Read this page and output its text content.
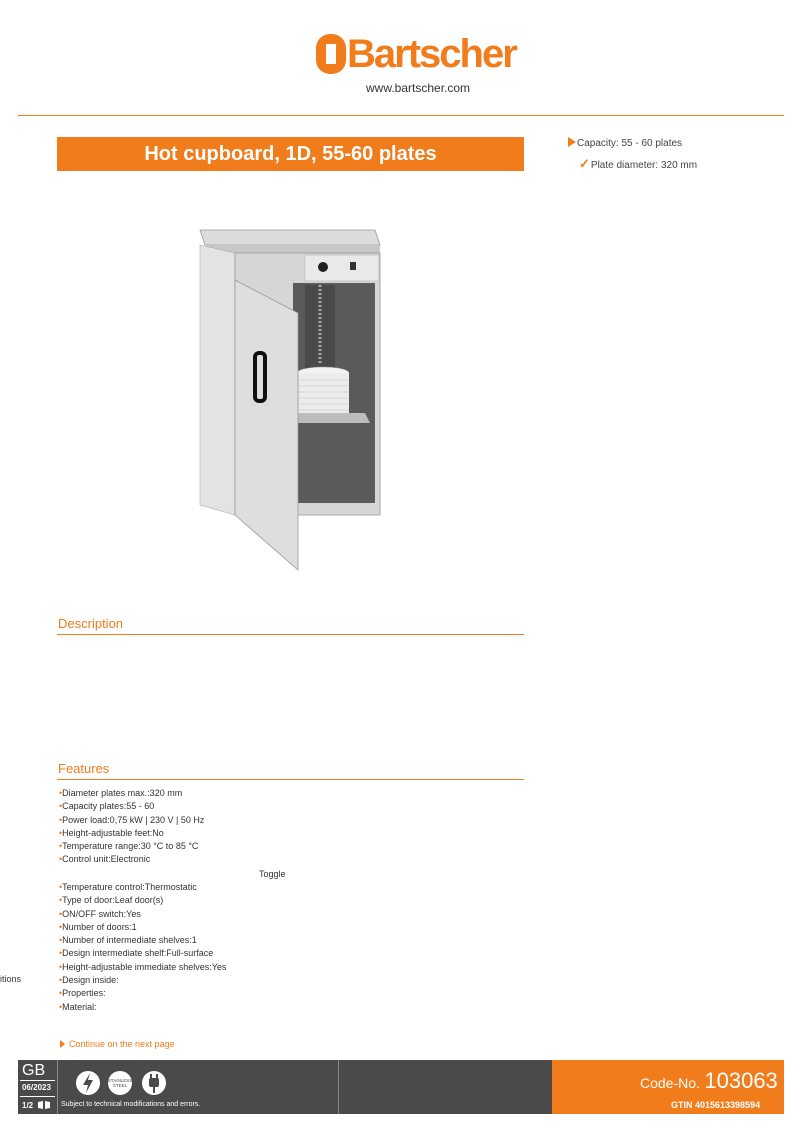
Bartscher
www.bartscher.com
Hot cupboard, 1D, 55-60 plates	Capacity: 55 - 60 plates
✓Plate diameter: 320 mm
Description
Features
•Diameter plates max.:320 mm
•Capacity plates:55 - 60
•Power load:0,75 kW | 230 V | 50 Hz
•Height-adjustable feet:No
•Temperature range:30 °C to 85 °C
•Control unit:Electronic
Toggle
•Temperature control:Thermostatic
•Type of door:Leaf door(s)
•ON/OFF switch:Yes
•Number of doors:1
•Number of intermediate shelves:1
•Design intermediate shelf:Full-surface
•Height-adjustable immediate shelves:Yes
•Design inside:
•Properties:
•Material:
itions
Continue on the next page
GB
06/2023
1/2
STAINLESS
STEEL
Subject to technical modifications and errors.
Code-No. 103063
GTIN 4015613398594
